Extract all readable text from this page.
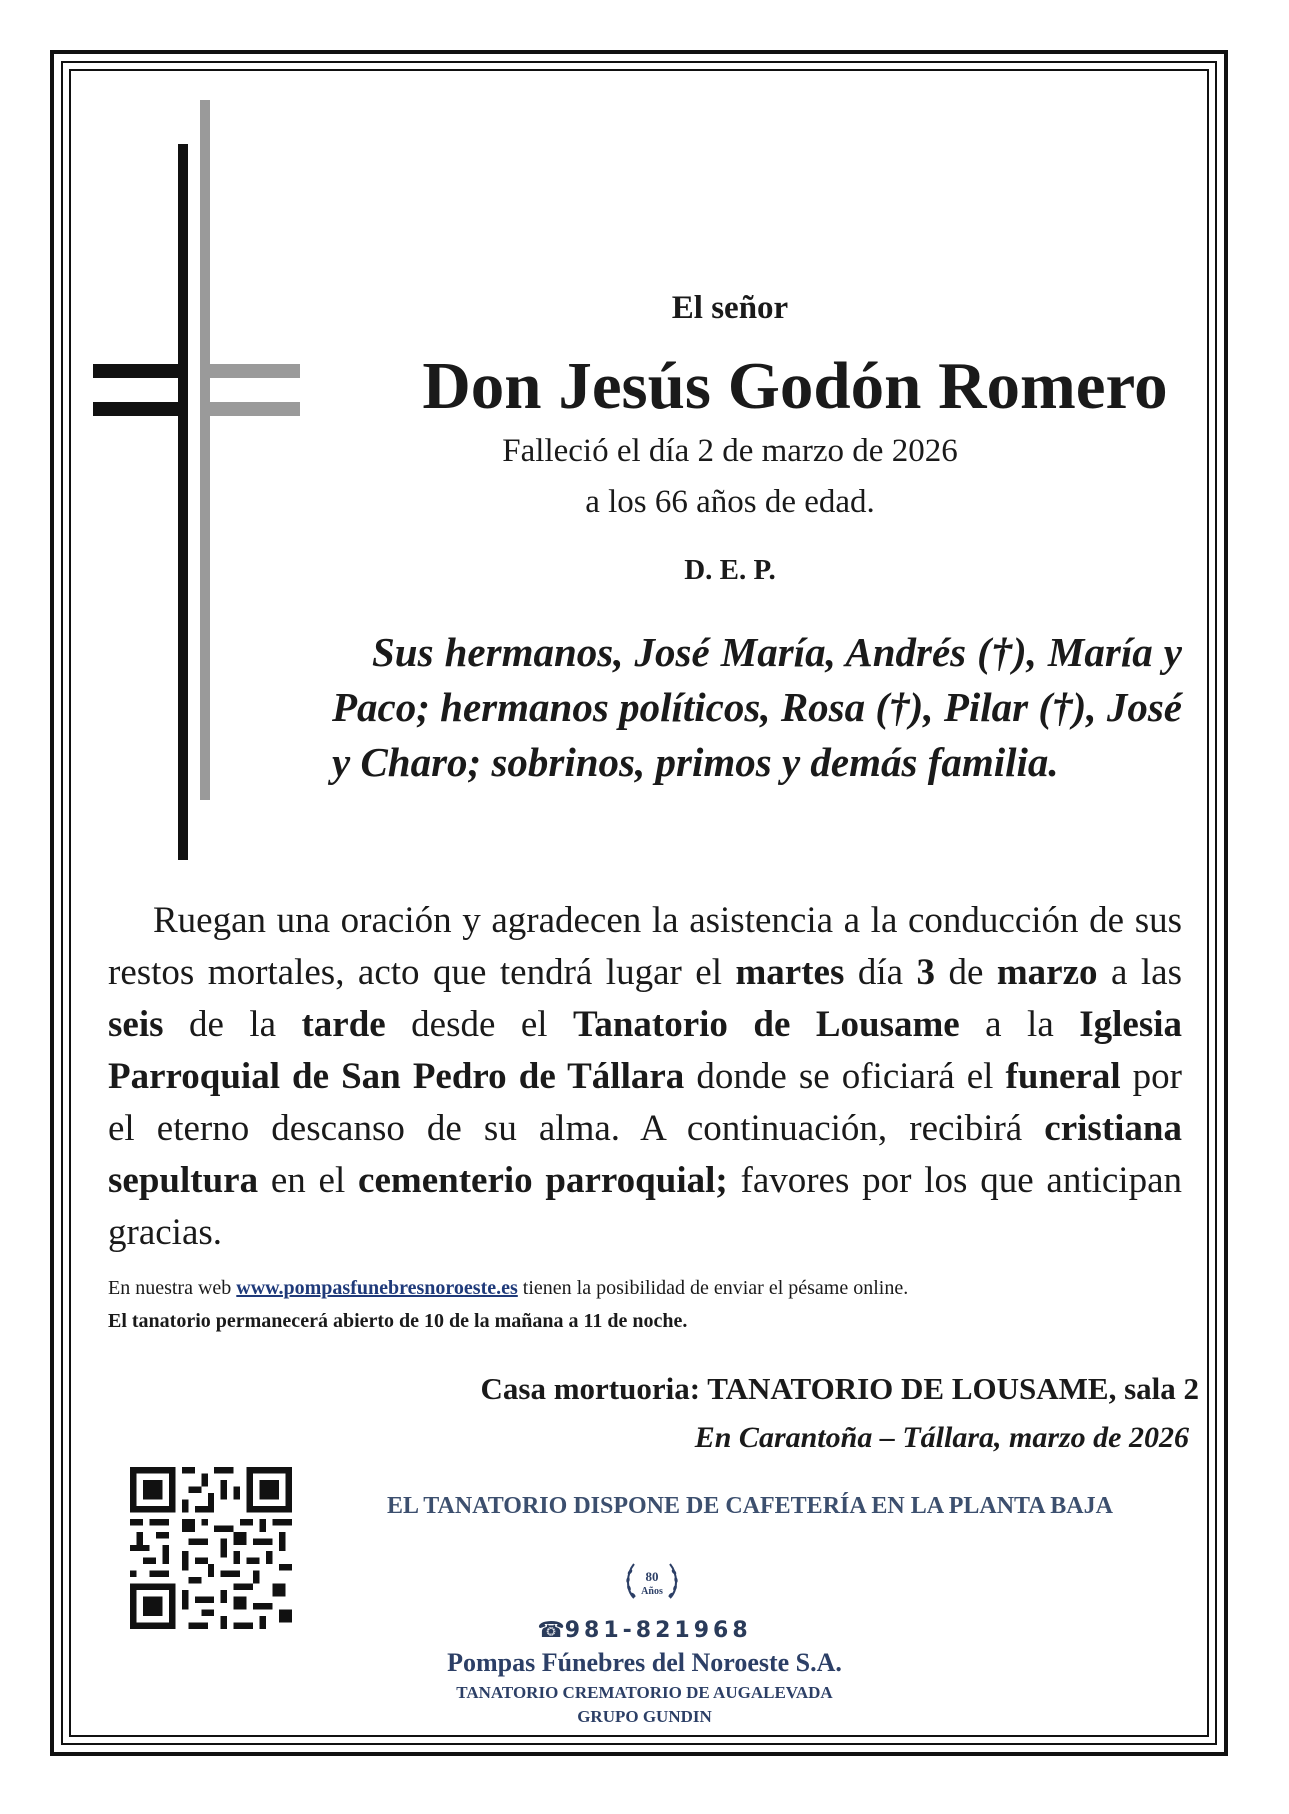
El señor

Don Jesús Godón Romero

Falleció el día 2 de marzo de 2026

a los 66 años de edad.

D. E. P.

Sus hermanos, José María, Andrés (†), María y Paco; hermanos políticos, Rosa (†), Pilar (†), José y Charo; sobrinos, primos y demás familia.

Ruegan una oración y agradecen la asistencia a la conducción de sus restos mortales, acto que tendrá lugar el martes día 3 de marzo a las seis de la tarde desde el Tanatorio de Lousame a la Iglesia Parroquial de San Pedro de Tállara donde se oficiará el funeral por el eterno descanso de su alma. A continuación, recibirá cristiana sepultura en el cementerio parroquial; favores por los que anticipan gracias.

En nuestra web www.pompasfunebresnoroeste.es tienen la posibilidad de enviar el pésame online.

El tanatorio permanecerá abierto de 10 de la mañana a 11 de noche.

Casa mortuoria: TANATORIO DE LOUSAME, sala 2

En Carantoña – Tállara, marzo de 2026

EL TANATORIO DISPONE DE CAFETERÍA EN LA PLANTA BAJA

80
Años

☎981-821968

Pompas Fúnebres del Noroeste S.A.

TANATORIO CREMATORIO DE AUGALEVADA

GRUPO GUNDIN
